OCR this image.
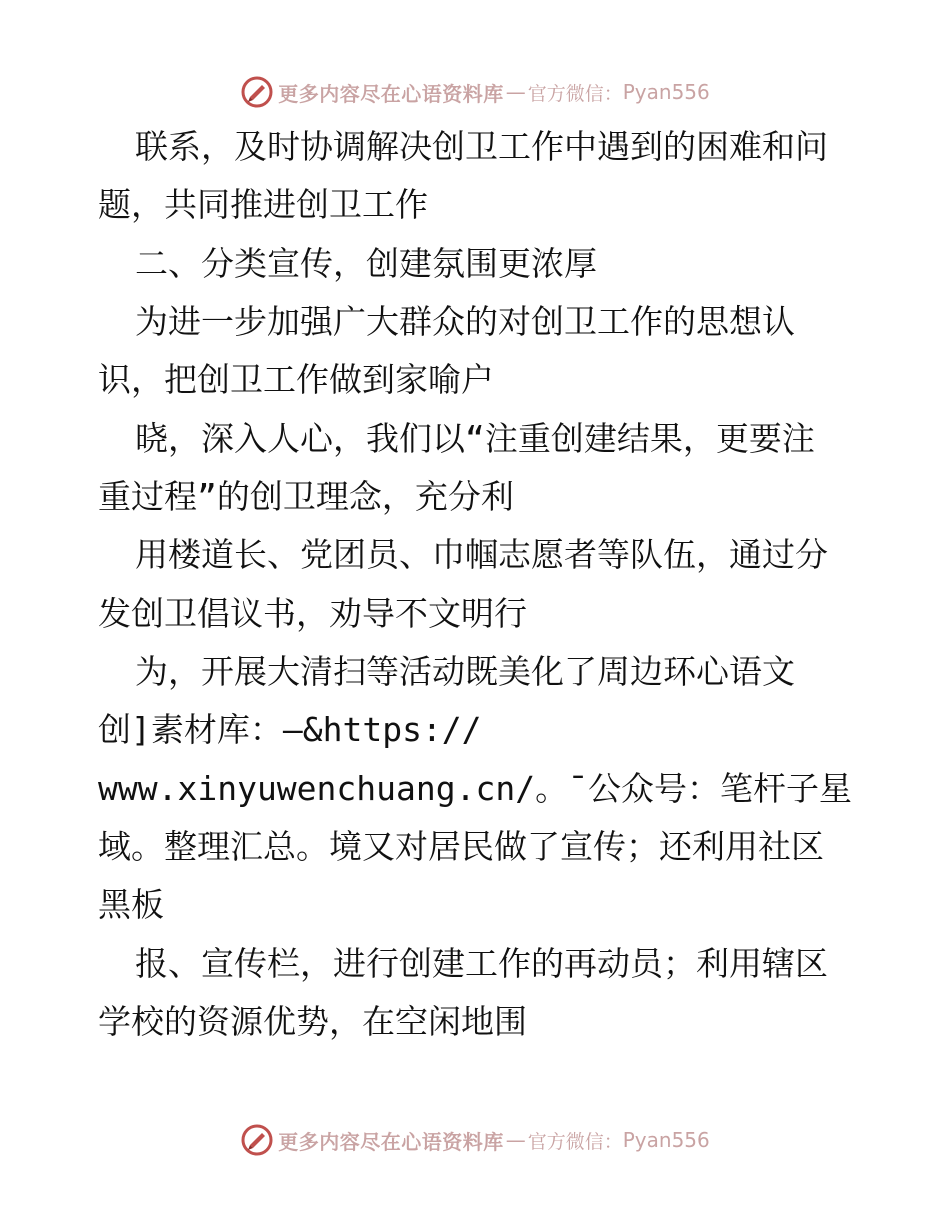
更多内容尽在心语资料库 — 官方微信： Pyan556
联系，及时协调解决创卫工作中遇到的困难和问
题，共同推进创卫工作
二、分类宣传，创建氛围更浓厚
为进一步加强广大群众的对创卫工作的思想认
识，把创卫工作做到家喻户
晓，深入人心，我们以“注重创建结果，更要注
重过程”的创卫理念，充分利
用楼道长、党团员、巾帼志愿者等队伍，通过分
发创卫倡议书，劝导不文明行
为，开展大清扫等活动既美化了周边环心语文
创]素材库：—&https://
www.xinyuwenchuang.cn/。¯公众号：笔杆子星
域。整理汇总。境又对居民做了宣传；还利用社区
黑板
报、宣传栏，进行创建工作的再动员；利用辖区
学校的资源优势，在空闲地围
更多内容尽在心语资料库 — 官方微信： Pyan556
